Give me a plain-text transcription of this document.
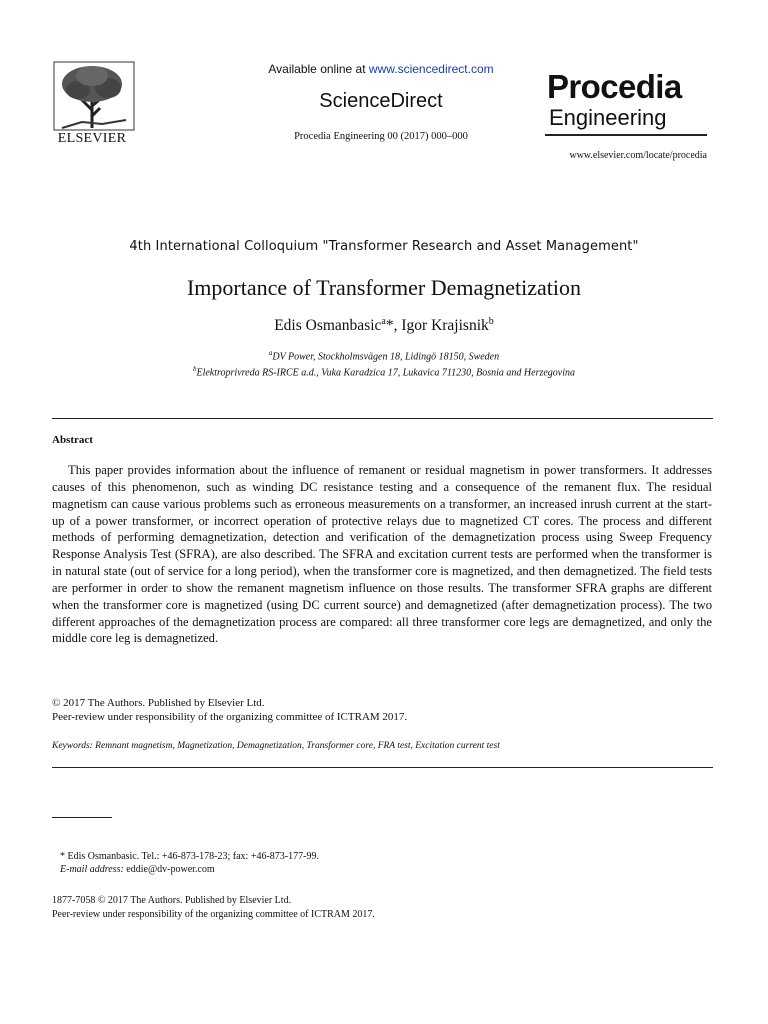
ELSEVIER
Available online at www.sciencedirect.com
ScienceDirect
Procedia Engineering 00 (2017) 000–000
Procedia
Engineering
www.elsevier.com/locate/procedia
4th International Colloquium "Transformer Research and Asset Management"
Importance of Transformer Demagnetization
Edis Osmanbasic$^a$*, Igor Krajisnik$^b$
$^a$DV Power, Stockholmsvägen 18, Lidingö 18150, Sweden
$^b$Elektroprivreda RS-IRCE a.d., Vuka Karadzica 17, Lukavica 711230, Bosnia and Herzegovina
Abstract

This paper provides information about the influence of remanent or residual magnetism in power transformers. It addresses causes of this phenomenon, such as winding DC resistance testing and a consequence of the remanent flux. The residual magnetism can cause various problems such as erroneous measurements on a transformer, an increased inrush current at the start-up of a power transformer, or incorrect operation of protective relays due to magnetized CT cores. The process and different methods of performing demagnetization, detection and verification of the demagnetization process using Sweep Frequency Response Analysis Test (SFRA), are also described. The SFRA and excitation current tests are performed when the transformer is in natural state (out of service for a long period), when the transformer core is magnetized, and then demagnetized. The field tests are performer in order to show the remanent magnetism influence on those results. The transformer SFRA graphs are different when the transformer core is magnetized (using DC current source) and demagnetized (after demagnetization process). The two different approaches of the demagnetization process are compared: all three transformer core legs are demagnetized, and only the middle core leg is demagnetized.

© 2017 The Authors. Published by Elsevier Ltd.
Peer-review under responsibility of the organizing committee of ICTRAM 2017.
Keywords: Remnant magnetism, Magnetization, Demagnetization, Transformer core, FRA test, Excitation current test
* Edis Osmanbasic. Tel.: +46-873-178-23; fax: +46-873-177-99.
E-mail address: eddie@dv-power.com
1877-7058 © 2017 The Authors. Published by Elsevier Ltd.
Peer-review under responsibility of the organizing committee of ICTRAM 2017.
